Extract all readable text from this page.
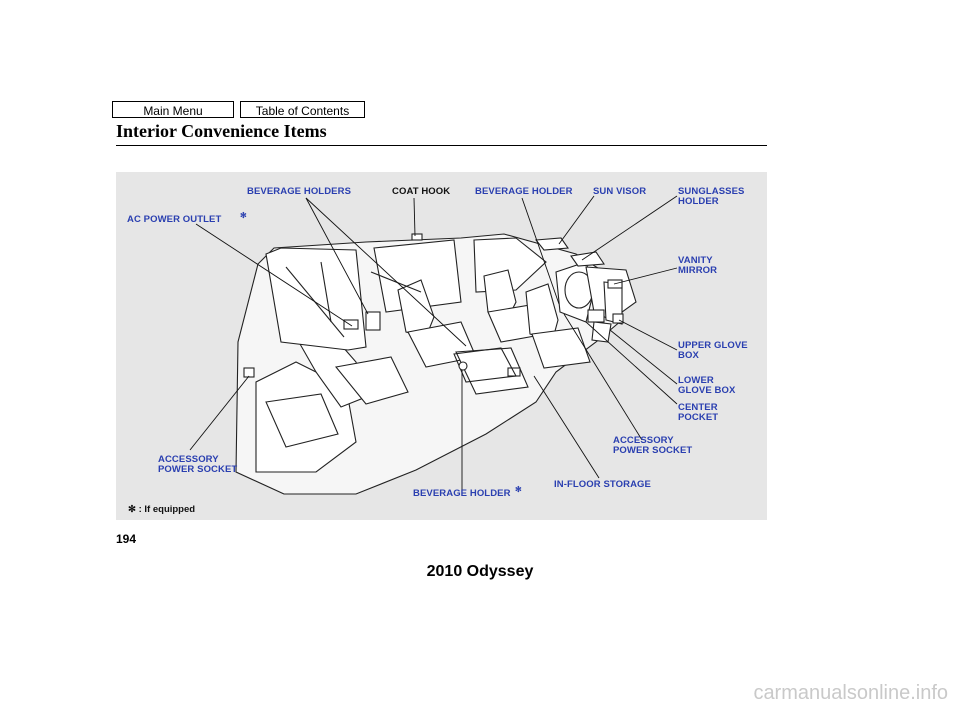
Main Menu	Table of Contents
Interior Convenience Items
BEVERAGE HOLDERS	COAT HOOK	BEVERAGE HOLDER SUN VISOR	SUNGLASSES
HOLDER
AC POWER OUTLET ✻
VANITY
MIRROR
UPPER GLOVE
BOX
LOWER
GLOVE BOX
CENTER
POCKET
ACCESSORY
POWER SOCKET
ACCESSORY
POWER SOCKET
BEVERAGE HOLDER ✻	IN-FLOOR STORAGE
✻ : If equipped
194
2010 Odyssey
carmanualsonline.info
